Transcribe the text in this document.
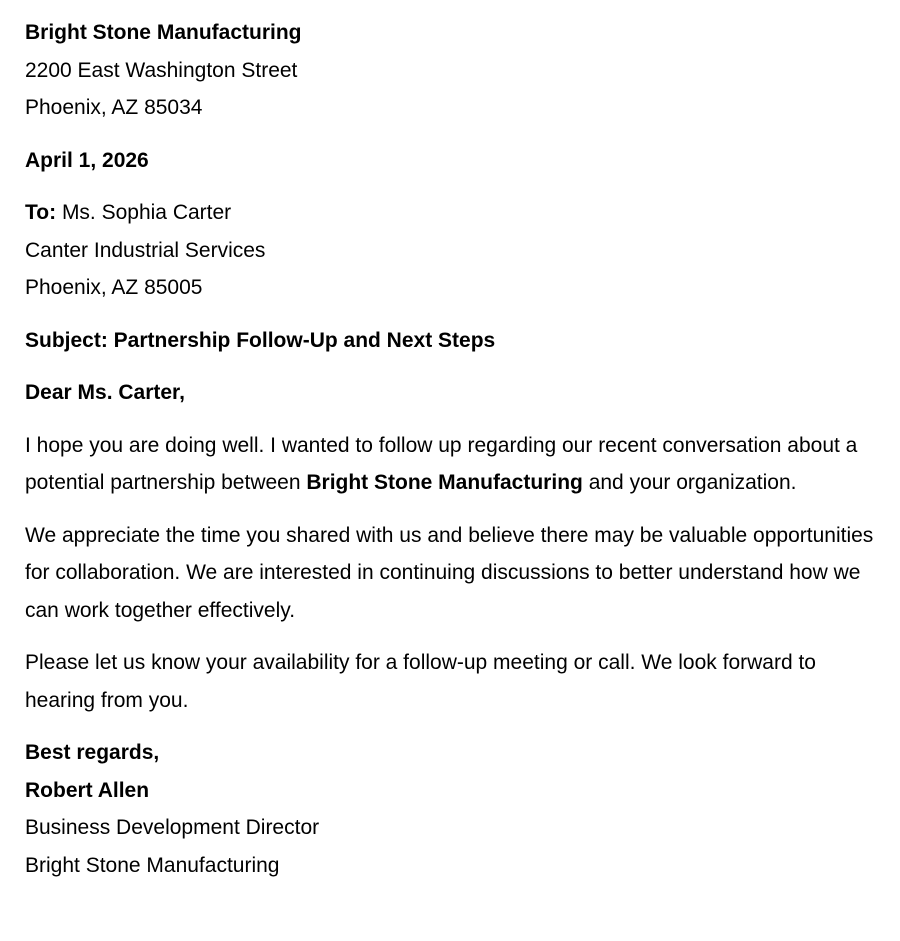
Bright Stone Manufacturing

2200 East Washington Street

Phoenix, AZ 85034

April 1, 2026

To: Ms. Sophia Carter

Canter Industrial Services

Phoenix, AZ 85005

Subject: Partnership Follow-Up and Next Steps

Dear Ms. Carter,

I hope you are doing well. I wanted to follow up regarding our recent conversation about a potential partnership between Bright Stone Manufacturing and your organization.

We appreciate the time you shared with us and believe there may be valuable opportunities for collaboration. We are interested in continuing discussions to better understand how we can work together effectively.

Please let us know your availability for a follow-up meeting or call. We look forward to hearing from you.

Best regards,

Robert Allen

Business Development Director

Bright Stone Manufacturing
